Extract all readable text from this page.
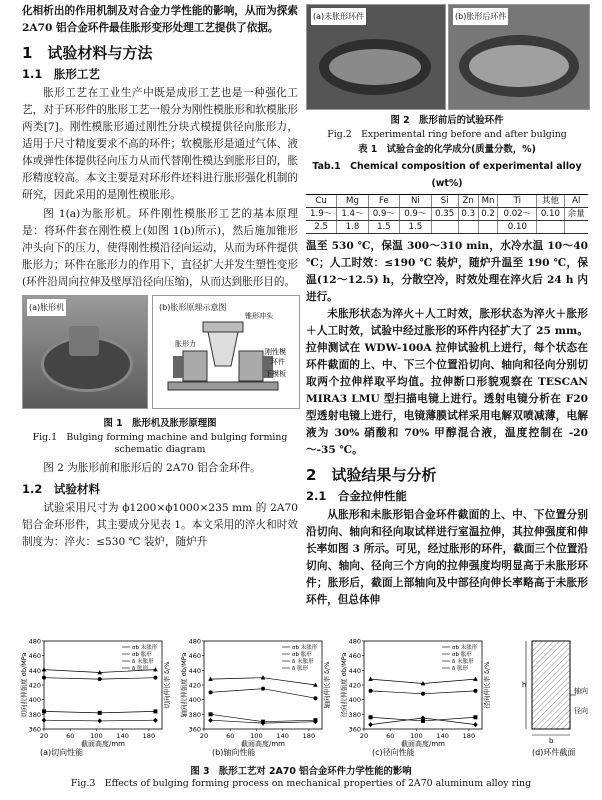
化相析出的作用机制及对合金力学性能的影响，从而为探索 2A70 铝合金环件最佳胀形变形处理工艺提供了依据。

1　试验材料与方法
1.1　胀形工艺

胀形工艺在工业生产中既是成形工艺也是一种强化工艺，对于环形件的胀形工艺一般分为刚性模胀形和软模胀形两类[7]。刚性模胀形通过刚性分块式模提供径向胀形力，适用于尺寸精度要求不高的环件；软模胀形是通过气体、液体或弹性体提供径向压力从而代替刚性模达到胀形目的，胀形精度较高。本文主要是对环形件坯料进行胀形强化机制的研究，因此采用的是刚性模胀形。

图 1(a)为胀形机。环件刚性模胀形工艺的基本原理是：将环件套在刚性模上(如图 1(b)所示)，然后施加锥形冲头向下的压力，使得刚性模沿径向运动，从而为环件提供胀形力；环件在胀形力的作用下，直径扩大并发生塑性变形(环件沿周向拉伸及壁厚沿径向压缩)，从而达到胀形目的。

(a)胀形机	(b)胀形原理示意图
锥形冲头
胀形力
刚性模
环件
下模板
图 1　胀形机及胀形原理图
Fig.1　Bulging forming machine and bulging forming
schematic diagram

图 2 为胀形前和胀形后的 2A70 铝合金环件。

1.2　试验材料

试验采用尺寸为 ϕ1200×ϕ1000×235 mm 的 2A70 铝合金环形件，其主要成分见表 1。本文采用的淬火和时效制度为：淬火：≤530 ℃ 装炉，随炉升

(a)未胀形环件	(b)胀形后环件
图 2　胀形前后的试验环件
Fig.2　Experimental ring before and after bulging
表 1　试验合金的化学成分(质量分数，%)
Tab.1　Chemical composition of experimental alloy (wt%)
Cu	Mg	Fe	Ni	Si	Zn	Mn	Ti	其他	Al
1.9～	1.4～	0.9～	0.9～	0.35	0.3	0.2	0.02～	0.10	余量
2.5	1.8	1.5	1.5				0.10		

温至 530 ℃，保温 300～310 min，水冷水温 10～40 ℃；人工时效：≤190 ℃ 装炉，随炉升温至 190 ℃，保温(12～12.5) h，分散空冷，时效处理在淬火后 24 h 内进行。

未胀形状态为淬火＋人工时效，胀形状态为淬火＋胀形＋人工时效，试验中经过胀形的环件内径扩大了 25 mm。拉伸测试在 WDW-100A 拉伸试验机上进行，每个状态在环件截面的上、中、下三个位置沿切向、轴向和径向分别切取两个拉伸样取平均值。拉伸断口形貌观察在 TESCAN MIRA3 LMU 型扫描电镜上进行。透射电镜分析在 F20 型透射电镜上进行，电镜薄膜试样采用电解双喷减薄，电解液为 30% 硝酸和 70% 甲醇混合液，温度控制在 -20～-35 ℃。

2　试验结果与分析
2.1　合金拉伸性能

从胀形和未胀形铝合金环件截面的上、中、下位置分别沿切向、轴向和径向取试样进行室温拉伸，其拉伸强度和伸长率如图 3 所示。可见，经过胀形的环件，截面三个位置沿切向、轴向、径向三个方向的拉伸强度均明显高于未胀形环件；胀形后，截面上部轴向及中部径向伸长率略高于未胀形环件，但总体伸

h
b
轴向
径向
(a)切向性能	(b)轴向性能	(c)径向性能	(d)环件截面
360
380
400
420
440
460
480
20	60 100 140 180
截面高度/mm
切向拉伸强度 σb/MPa	切向伸长率 δ/%
σb 未胀形
σb 胀形
δ 未胀形
δ 胀形
360
380
400
420
440
460
480
20	60 100 140 180
截面高度/mm
轴向拉伸强度 σb/MPa	轴向伸长率 δ/%
σb 未胀形
σb 胀形
δ 未胀形
δ 胀形
360
380
400
420
440
460
480
20	60 100 140 180
截面高度/mm
径向拉伸强度 σb/MPa	径向伸长率 δ/%
σb 未胀形
σb 胀形
δ 未胀形
δ 胀形
图 3　胀形工艺对 2A70 铝合金环件力学性能的影响
Fig.3　Effects of bulging forming process on mechanical properties of 2A70 aluminum alloy ring
